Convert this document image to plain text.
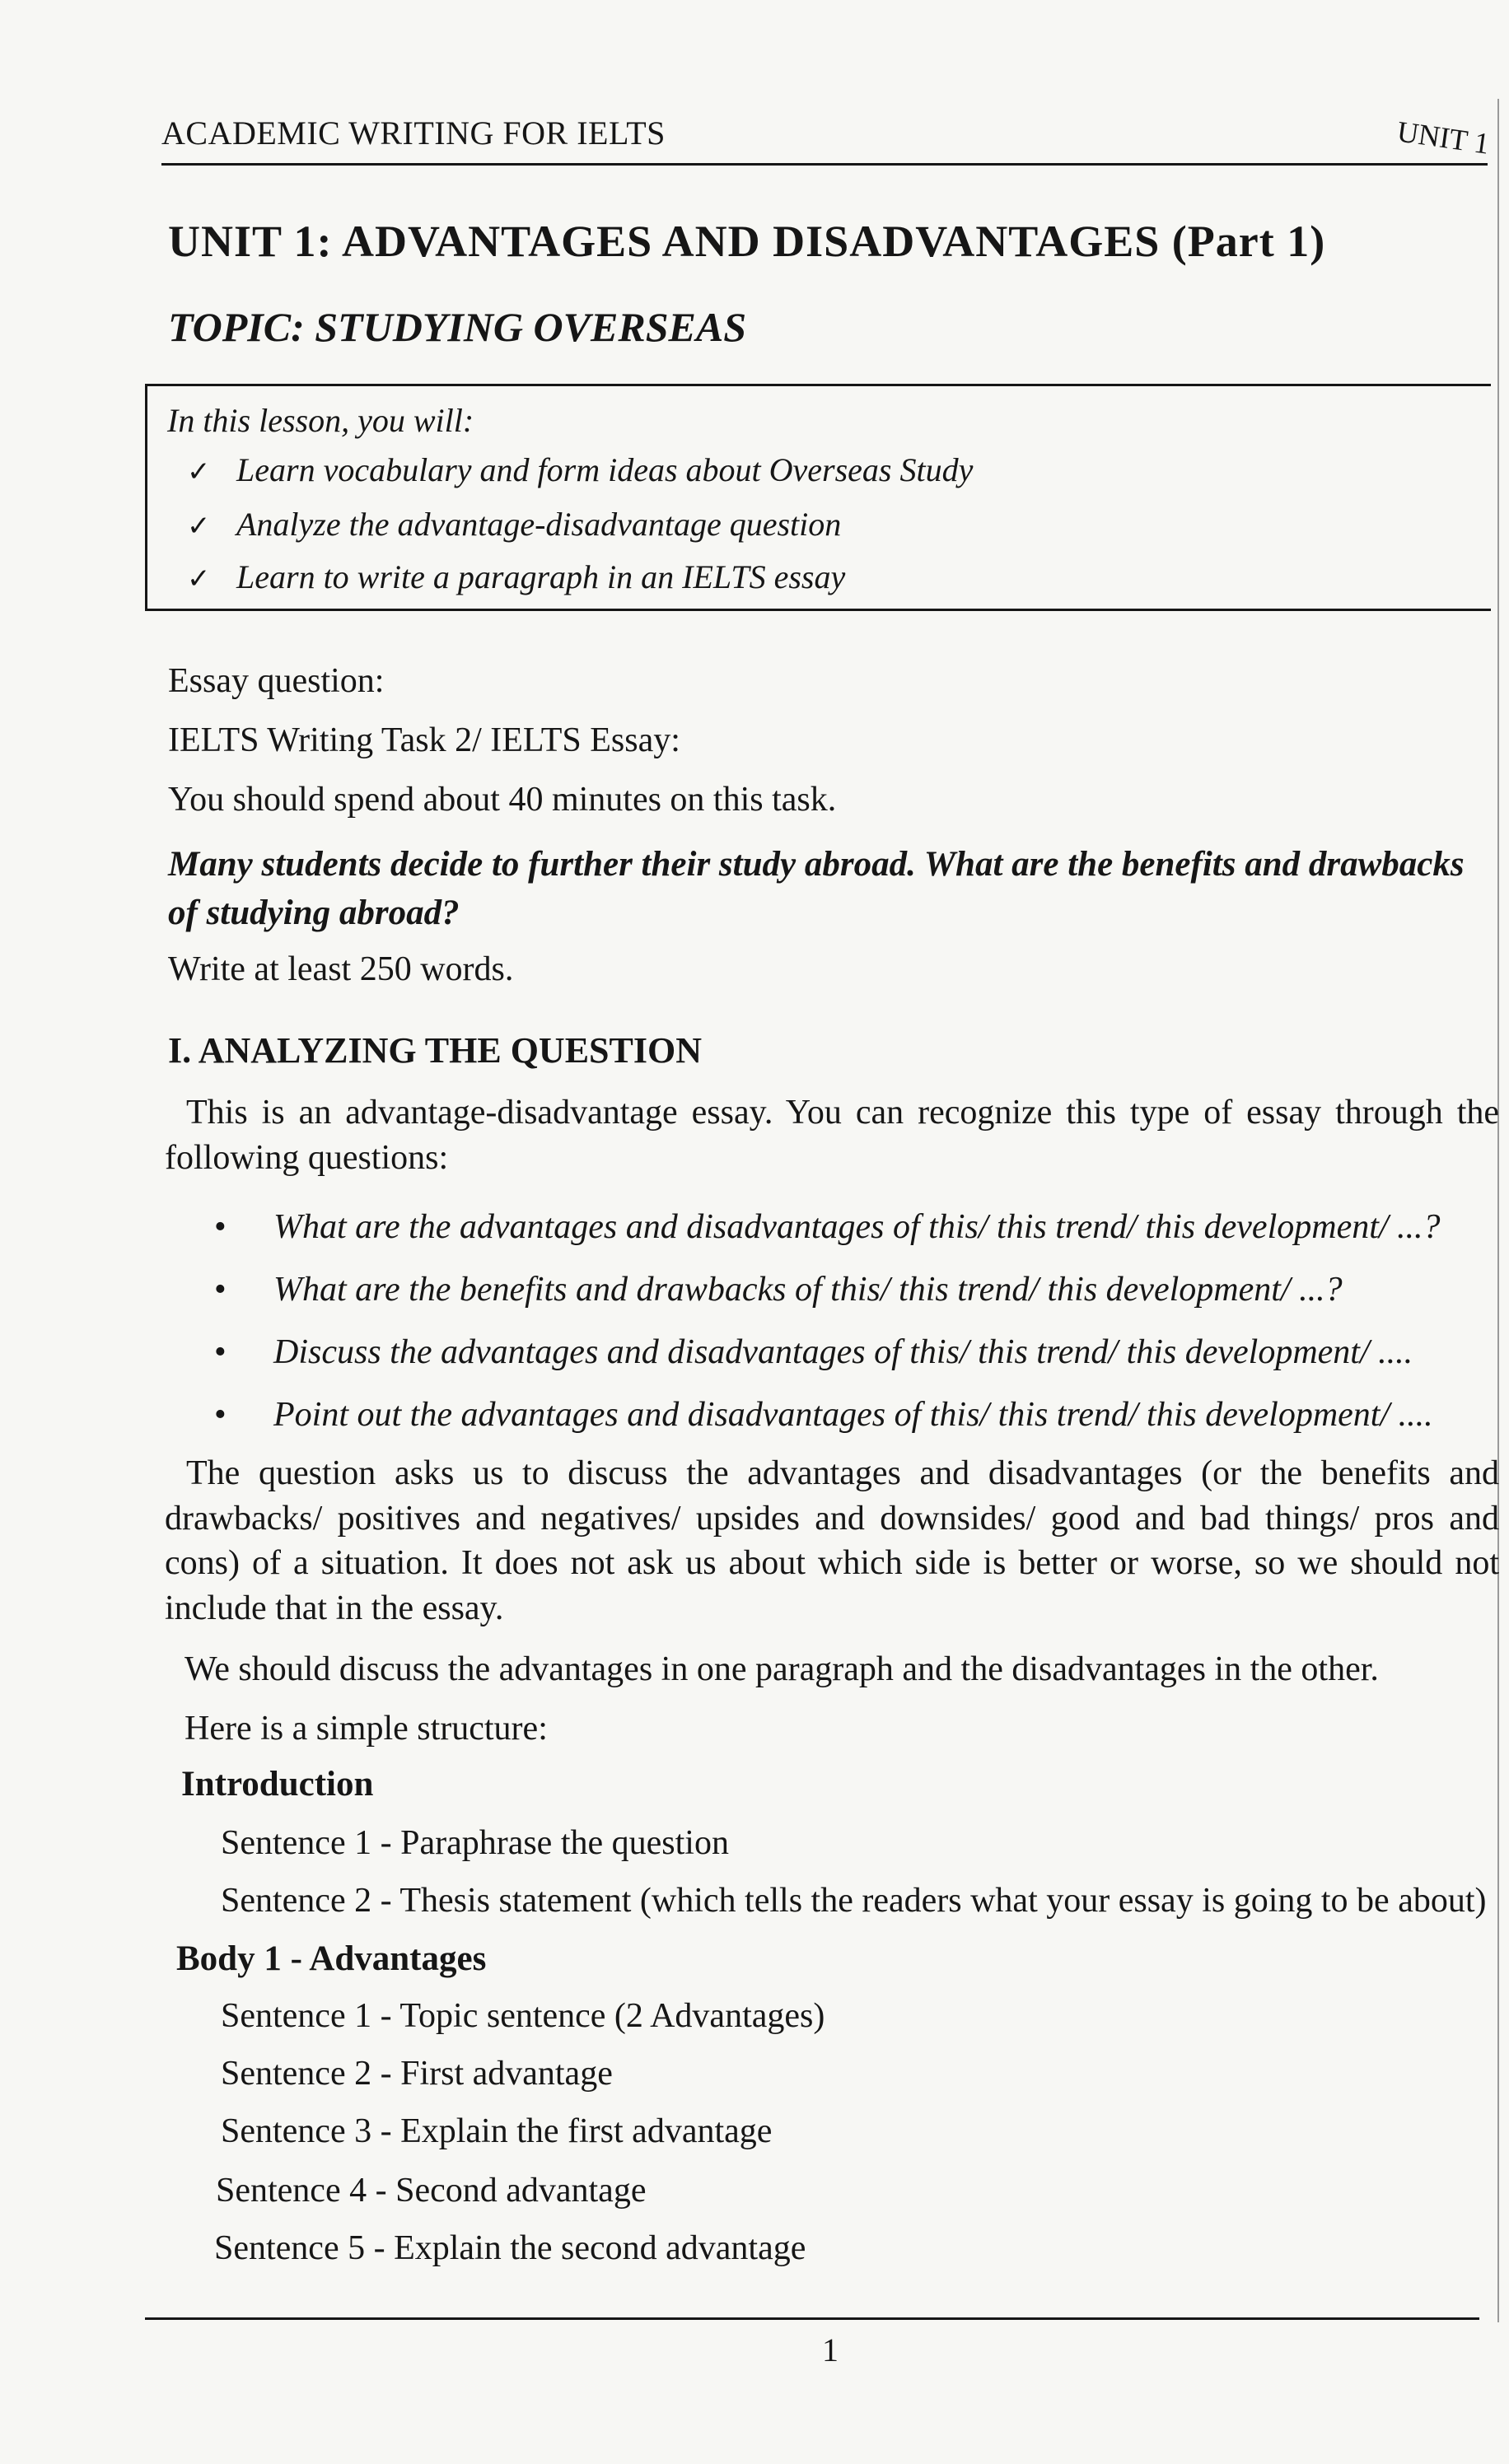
ACADEMIC WRITING FOR IELTS	UNIT 1
UNIT 1: ADVANTAGES AND DISADVANTAGES (Part 1)
TOPIC: STUDYING OVERSEAS
In this lesson, you will:
✓ Learn vocabulary and form ideas about Overseas Study
✓ Analyze the advantage-disadvantage question
✓ Learn to write a paragraph in an IELTS essay
Essay question:
IELTS Writing Task 2/ IELTS Essay:
You should spend about 40 minutes on this task.
Many students decide to further their study abroad. What are the benefits and drawbacks of studying abroad?
Write at least 250 words.
I. ANALYZING THE QUESTION
This is an advantage-disadvantage essay. You can recognize this type of essay through the following questions:
• What are the advantages and disadvantages of this/ this trend/ this development/ ...?
• What are the benefits and drawbacks of this/ this trend/ this development/ ...?
• Discuss the advantages and disadvantages of this/ this trend/ this development/ ....
• Point out the advantages and disadvantages of this/ this trend/ this development/ ....
The question asks us to discuss the advantages and disadvantages (or the benefits and drawbacks/ positives and negatives/ upsides and downsides/ good and bad things/ pros and cons) of a situation. It does not ask us about which side is better or worse, so we should not include that in the essay.
We should discuss the advantages in one paragraph and the disadvantages in the other.
Here is a simple structure:
Introduction
Sentence 1 - Paraphrase the question
Sentence 2 - Thesis statement (which tells the readers what your essay is going to be about)
Body 1 - Advantages
Sentence 1 - Topic sentence (2 Advantages)
Sentence 2 - First advantage
Sentence 3 - Explain the first advantage
Sentence 4 - Second advantage
Sentence 5 - Explain the second advantage
1
